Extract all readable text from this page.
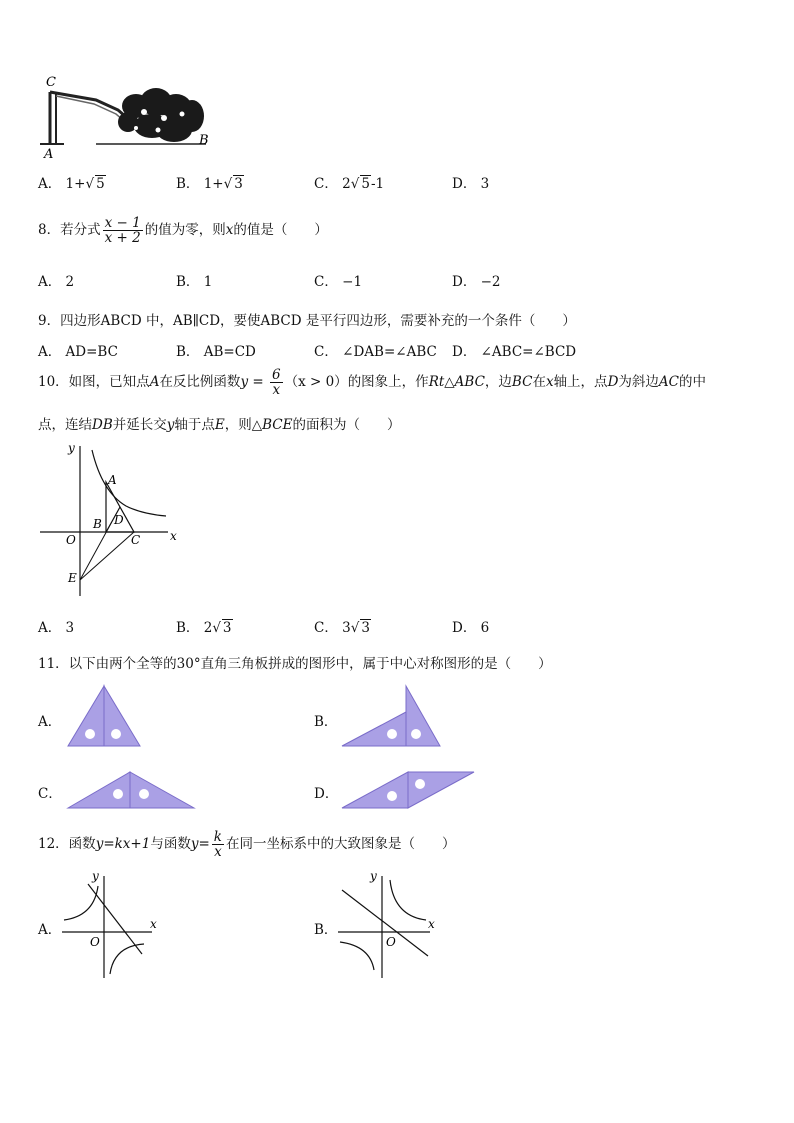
C
A
B
A． 1+√ 5	B． 1+√ 3	C． 2√ 5-1	D． 3
8．若分式 $\frac{x - 1}{x + 2}$ 的值为零，则x的值是（　　）
A． 2	B． 1	C． −1	D． −2
9．四边形ABCD 中，AB∥CD，要使ABCD 是平行四边形，需要补充的一个条件（　　）
A． AD=BC	B． AB=CD	C． ∠DAB=∠ABC D． ∠ABC=∠BCD
10．如图，已知点A在反比例函数$y = \frac{6}{x} (x > 0)$的图象上，作Rt△ABC，边BC在x轴上，点D为斜边AC的中
点，连结DB并延长交y轴于点E，则△BCE的面积为（　　）
A
B D
O	C
E
x
y
A． 3	B． 2√ 3	C． 3√ 3	D． 6
11．以下由两个全等的30°直角三角板拼成的图形中，属于中心对称图形的是（　　）
A．	B．
C．	D．
12．函数y=kx+1与函数$y= \frac{k}{x}$ 在同一坐标系中的大致图象是（　　）
A．	x
y
O
B．	x
y
O
